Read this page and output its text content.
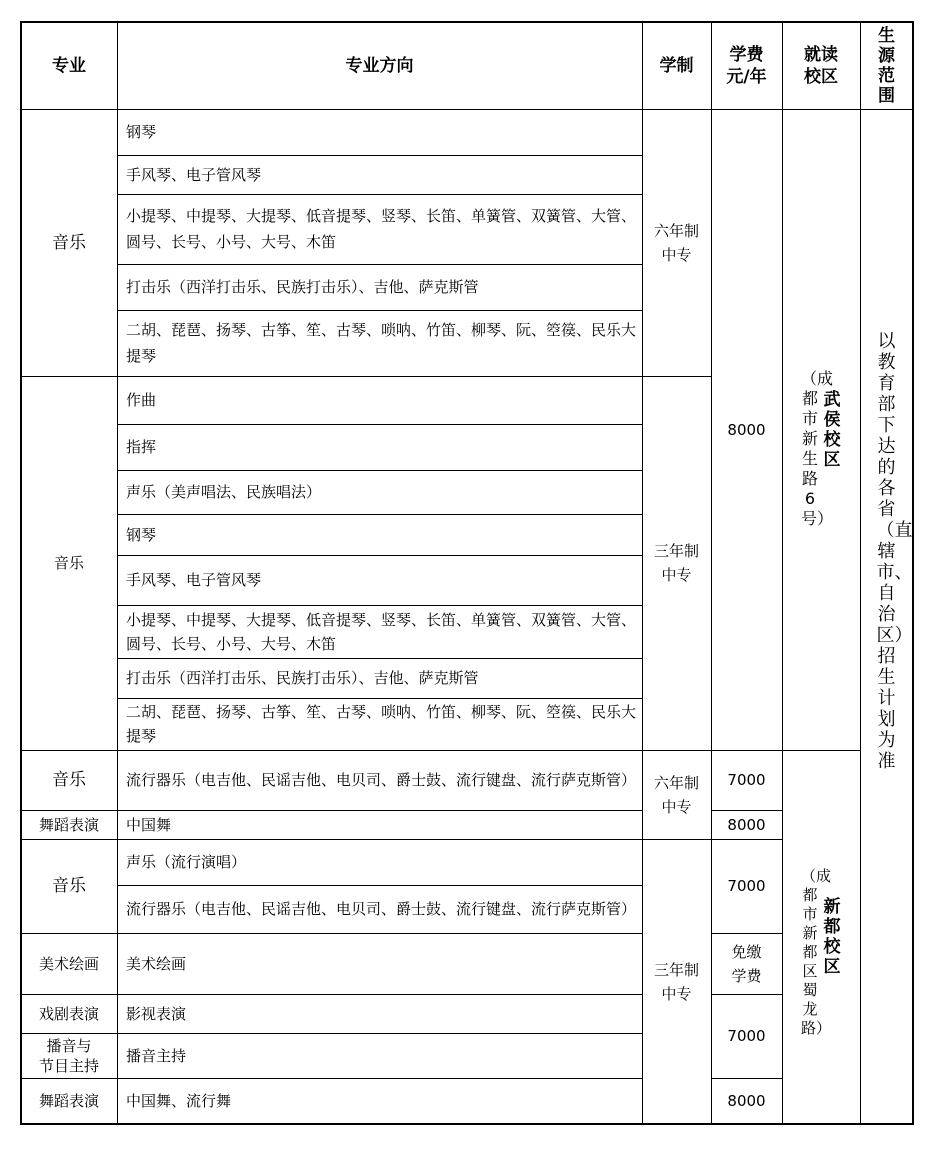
专业	专业方向	学制
学费
元/年
就读
校区
生源范围
音乐
音乐
音乐
舞蹈表演
音乐
美术绘画
戏剧表演
播音与
节目主持
舞蹈表演
钢琴
手风琴、电子管风琴
小提琴、中提琴、大提琴、低音提琴、竖琴、长笛、单簧管、双簧管、大管、圆号、长号、小号、大号、木笛
打击乐（西洋打击乐、民族打击乐）、吉他、萨克斯管
二胡、琵琶、扬琴、古筝、笙、古琴、唢呐、竹笛、柳琴、阮、箜篌、民乐大提琴
作曲
指挥
声乐（美声唱法、民族唱法）
钢琴
手风琴、电子管风琴
小提琴、中提琴、大提琴、低音提琴、竖琴、长笛、单簧管、双簧管、大管、圆号、长号、小号、大号、木笛
打击乐（西洋打击乐、民族打击乐）、吉他、萨克斯管
二胡、琵琶、扬琴、古筝、笙、古琴、唢呐、竹笛、柳琴、阮、箜篌、民乐大提琴
流行器乐（电吉他、民谣吉他、电贝司、爵士鼓、流行键盘、流行萨克斯管）
中国舞
声乐（流行演唱）
流行器乐（电吉他、民谣吉他、电贝司、爵士鼓、流行键盘、流行萨克斯管）
美术绘画
影视表演
播音主持
中国舞、流行舞
六年制
中专
三年制
中专
六年制
中专
三年制
中专
8000
7000
8000
7000
免缴
学费
7000
8000
武侯校区
（成都市新生路6号）
新都校区
（成都市新都区蜀龙路）
以教育部下达的各省（直辖市、自治区）招生计划为准
